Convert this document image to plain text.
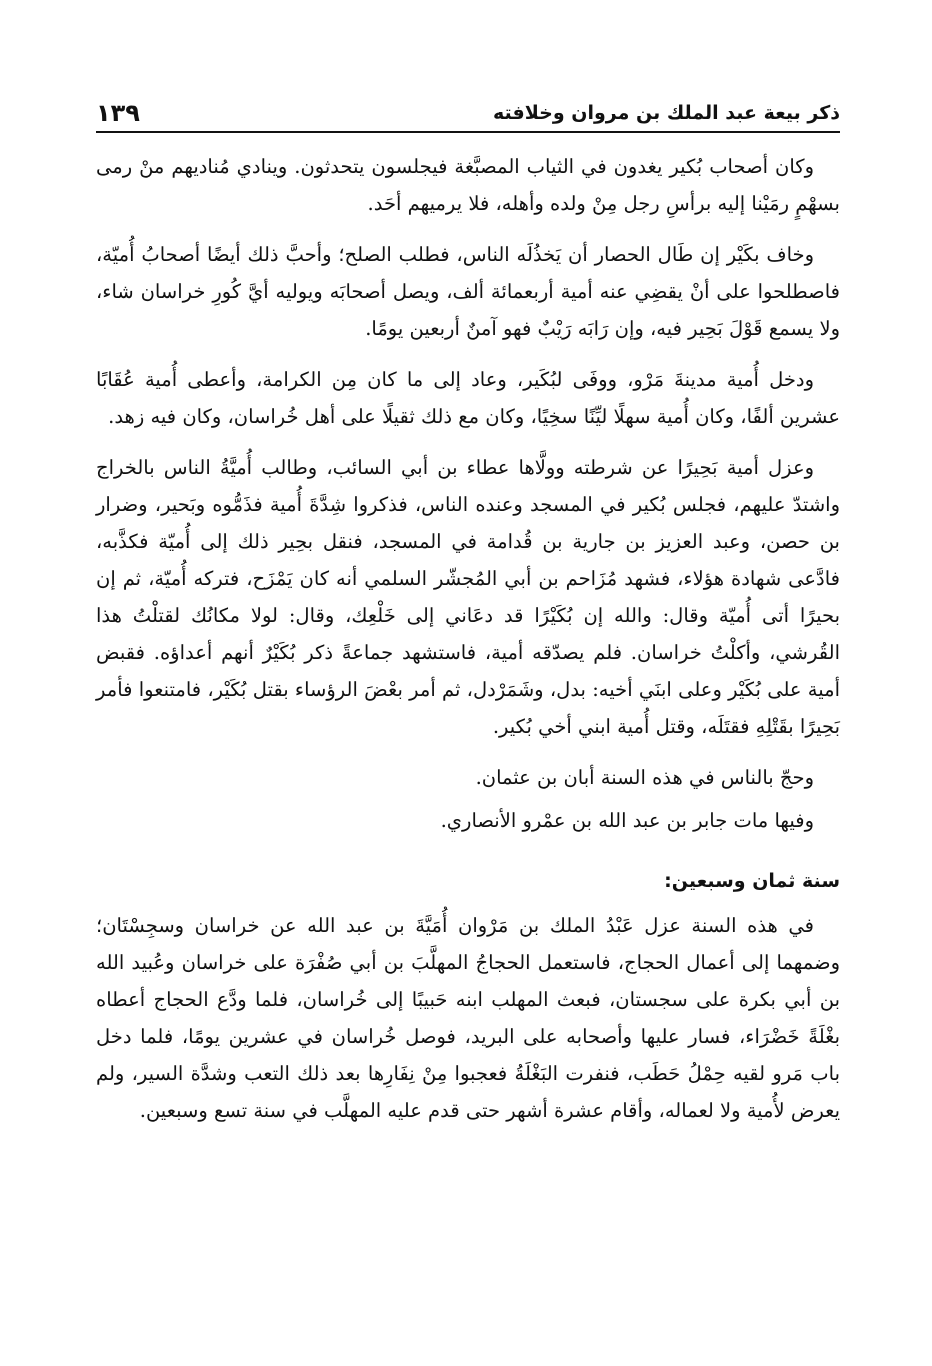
١٣٩	ذكر بيعة عبد الملك بن مروان وخلافته

وكان أصحاب بُكير يغدون في الثياب المصبَّغة فيجلسون يتحدثون. وينادي مُناديهم منْ رمى بسهْمٍ رمَيْنا إليه برأسِ رجل مِنْ ولده وأهله، فلا يرميهم أحَد.

وخاف بكَيْر إن طَال الحصار أن يَخذُلَه الناس، فطلب الصلح؛ وأحبَّ ذلك أيضًا أصحابُ أُميّة، فاصطلحوا على أنْ يقضِي عنه أمية أربعمائة ألف، ويصل أصحابَه ويوليه أيَّ كُورِ خراسان شاء، ولا يسمع قَوْلَ بَحِير فيه، وإن رَابَه رَيْبٌ فهو آمنٌ أربعين يومًا.

ودخل أُمية مدينةَ مَرْو، ووفَى لبُكَير، وعاد إلى ما كان مِن الكرامة، وأعطى أُمية عُقَابًا عشرين ألفًا، وكان أُمية سهلًا ليِّنًا سخِيًا، وكان مع ذلك ثقيلًا على أهل خُراسان، وكان فيه زهد.

وعزل أمية بَحِيرًا عن شرطته وولَّاها عطاء بن أبي السائب، وطالب أُميَّةُ الناس بالخراج واشتدّ عليهم، فجلس بُكير في المسجد وعنده الناس، فذكروا شِدَّةَ أُمية فذَمُّوه وبَحير، وضرار بن حصن، وعبد العزيز بن جارية بن قُدامة في المسجد، فنقل بحِير ذلك إلى أُميّة فكذَّبه، فادَّعى شهادة هؤلاء، فشهد مُزَاحم بن أبي المُجشّر السلمي أنه كان يَمْزَح، فتركه أُميّة، ثم إن بحيرًا أتى أُميّة وقال: والله إن بُكَيْرًا قد دعَاني إلى خَلْعِك، وقال: لولا مكانُك لقتلْتُ هذا القُرشي، وأكلْتُ خراسان. فلم يصدّقه أمية، فاستشهد جماعةً ذكر بُكَيْرٌ أنهم أعداؤه. فقبض أمية على بُكَيْر وعلى ابنَي أخيه: بدل، وشَمَرْدل، ثم أمر بعْضَ الرؤساء بقتل بُكَيْر، فامتنعوا فأمر بَحِيرًا بقَتْلِهِ فقتَلَه، وقتل أُمية ابني أخي بُكير.

وحجّ بالناس في هذه السنة أبان بن عثمان.

وفيها مات جابر بن عبد الله بن عمْرو الأنصاري.

سنة ثمان وسبعين:

في هذه السنة عزل عَبْدُ الملك بن مَرْوان أُمَيَّةَ بن عبد الله عن خراسان وسجِسْتَان؛ وضمهما إلى أعمال الحجاج، فاستعمل الحجاجُ المهلَّبَ بن أبي صُفْرَة على خراسان وعُبيد الله بن أبي بكرة على سجستان، فبعث المهلب ابنه حَبيبًا إلى خُراسان، فلما ودَّع الحجاج أعطاه بغْلَةً خَضْرَاء، فسار عليها وأصحابه على البريد، فوصل خُراسان في عشرين يومًا، فلما دخل باب مَرو لقيه حِمْلُ حَطَب، فنفرت البَغْلَةُ فعجبوا مِنْ نِفَارِها بعد ذلك التعب وشدَّة السير، ولم يعرض لأُمية ولا لعماله، وأقام عشرة أشهر حتى قدم عليه المهلَّب في سنة تسع وسبعين.
